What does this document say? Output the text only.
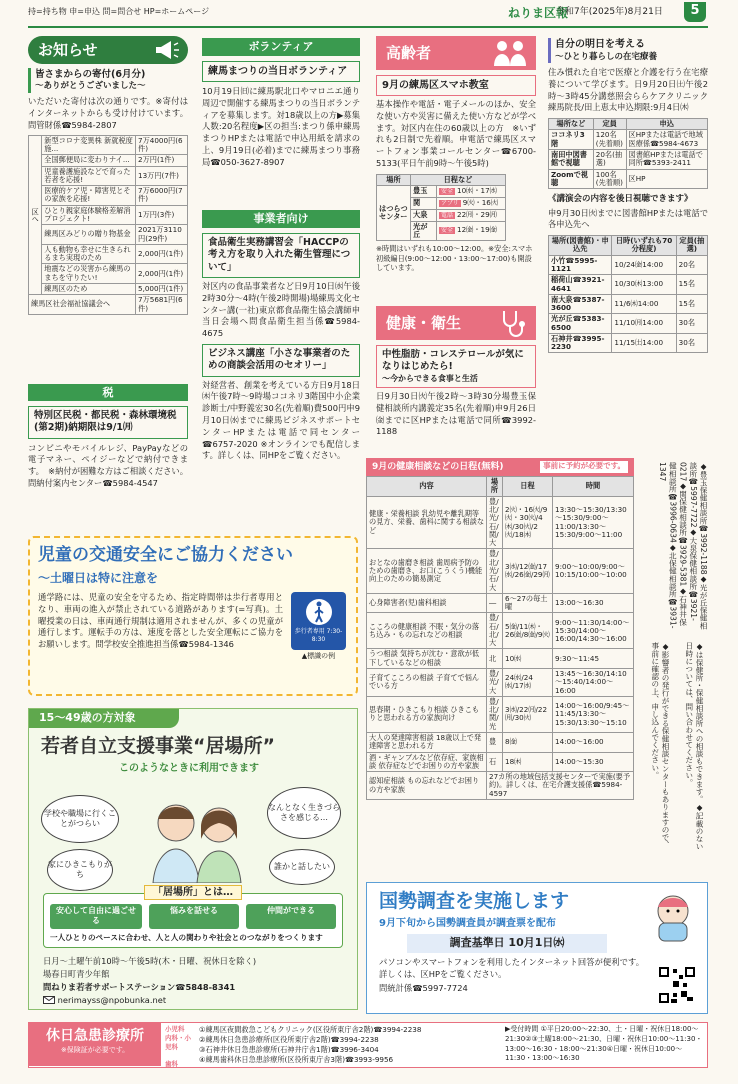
持=持ち物 申=申込 問=問合せ HP=ホームページ	ねりま区報
令和7年(2025年)8月21日	5
お知らせ
皆さまからの寄付(6月分)
～ありがとうございました～
いただいた寄付は次の通りです。※寄付はインターネットからも受け付けています。問管財係☎5984-2807
区へ	新型コロナ変異株 新就税度施...	7万4000円(6件)
	全国郵便局に変わりナイ...	2万円(1件)
	児童養護施設などで育った若者を応援!	13万円(7件)
	医療的ケア児・障害児とその家族を応援!	7万6000円(7件)
	ひとり親家庭体験格差解消プロジェクト!	1万円(3件)
	練馬区みどりの贈り物基金	2021万3110円(29件)
	人も動物も幸せに生きられるまち実現のため	2,000円(1件)
	地震などの災害から練馬のまちを守りたい!	2,000円(1件)
	練馬区のため	5,000円(1件)
練馬区社会福祉協議会へ		7万5681円(6件)
税
特別区民税・都民税・森林環境税(第2期)納期限は9/1㈪
コンビニやモバイルレジ、PayPayなどの電子マネー、ペイジーなどで納付できます。　※納付が困難な方はご相談ください。問納付案内センター☎5984-4547
ボランティア
練馬まつりの当日ボランティア
10月19日㈰に練馬駅北口やマロニエ通り周辺で開催する練馬まつりの当日ボランティアを募集します。対18歳以上の方▶募集人数:20名程度▶区の担当:まつり係申練馬まつりHPまたは電話で申込用紙を請求の上、9月19日(必着)までに練馬まつり事務局☎050-3627-8907
事業者向け
食品衛生実務講習会「HACCPの考え方を取り入れた衛生管理について」
対区内の食品事業者など日9月10日㈬午後2時30分～4時(午後2時開場)場練馬文化センター講(一社)東京都食品衛生協会講師申当日会場へ問食品衛生担当係☎5984-4675
ビジネス講座「小さな事業者のための商談会活用のセオリー」
対経営者、創業を考えている方日9月18日㈭午後7時～9時場ココネリ3階国中小企業診断士/中野義宏30名(先着順)費500円申9月10日㈬までに練馬ビジネスサポートセンターHPまたは電話で同センター☎6757-2020 ※オンラインでも配信します。詳しくは、同HPをご覧ください。
高齢者
9月の練馬区スマホ教室
基本操作や電話・電子メールのほか、安全な使い方や災害に備えた使い方などが学べます。対区内在住の60歳以上の方　※いずれも2日制で先着順。申電話で練馬区スマートフォン事業コールセンター☎6700-5133(平日午前9時～午後5時)
場所	日程など	
はつらつセンター	豊玉	安全 10㈬・17㈬
	関	アプリ 9㈫・16㈫
	大泉	電話 22㈪・29㈪
	光が丘	安全 12㈮・19㈮
※時間はいずれも10:00～12:00。※安全:スマホ初級編日(9:00～12:00・13:00～17:00)も開設しています。
健康・衛生
中性脂肪・コレステロールが気になりはじめたら!
～今からできる食事と生活
日9月30日㈫午後2時～3時30分場豊玉保健相談所内講義定35名(先着順)申9月26日㈮までに区HPまたは電話で同所☎3992-1188
自分の明日を考える
～ひとり暮らしの在宅療養
住み慣れた自宅で医療と介護を行う在宅療養について学びます。日9月20日㈯午後2時～3時45分講慈照会ららケアクリニック練馬院長/田上恵太申込期限:9月4日㈭
場所など	定員	申込
ココネリ3階	120名(先着順)	区HPまたは電話で地域医療係☎5984-4673
南田中図書館で視聴	20名(抽選)	図書館HPまたは電話で同所☎5393-2411
Zoomで視聴	100名(先着順)	区HP
《講演会の内容を後日視聴できます》
申9月30日㈫までに図書館HPまたは電話で各申込先へ
場所(図書館)・申込先	日時(いずれも70分程度)	定員(抽選)
小竹☎5995-1121	10/24㈮14:00	20名
稲荷山☎3921-4641	10/30㈭13:00	15名
南大泉☎5387-3600	11/6㈭14:00	15名
光が丘☎5383-6500	11/10㈪14:00	30名
石神井☎3995-2230	11/15㈯14:00	30名
9月の健康相談などの日程(無料)	事前に予約が必要です。
内容	場所	日程	時間
健康・栄養相談 乳幼児や離乳期等の見方、栄養、歯科に関する相談など	豊/北/光/石/関/大	2㈫・16㈫/9㈫・30㈫/4㈭/30㈫/2㈫/18㈭	13:30～15:30/13:30～15:30/9:00～11:00/13:30～15:30/9:00～11:00
おとなの歯磨き相談 歯周病予防のための歯磨き、お口(こうくう)機能向上のための簡易測定	豊/北/光/石/大	3㈬/12㈮/17㈬/26㈮/29㈪	9:00～10:00/9:00～10:15/10:00～10:00
心身障害者(児)歯科相談	―	6～27の毎土曜	13:00～16:30
こころの健康相談 不眠・気分の落ち込み・もの忘れなどの相談	豊/石/北/大	5㈮/11㈭・26㈮/8㈮/9㈫	9:00～11:30/14:00～15:30/14:00～16:00/14:30～16:00
うつ相談 気持ちが沈む・意欲が低下しているなどの相談	北	10㈬	9:30～11:45
子育てこころの相談 子育てで悩んでいる方	豊/光/大	24㈬/24㈬/17㈬	13:45～16:30/14:10～15:40/14:00～16:00
思春期・ひきこもり相談 ひきこもりと思われる方の家族向け	豊/北/関/光	3㈬/22㈪/22㈪/30㈫	14:00～16:00/9:45～11:45/13:30～15:30/13:30～15:10
大人の発達障害相談 18歳以上で発達障害と思われる方	豊	8㈮	14:00～16:00
酒・ギャンブルなど依存症、家族相談 依存症などでお困りの方や家族	石	18㈭	14:00～15:30
認知症相談 もの忘れなどでお困りの方や家族	27カ所の地域包括支援センターで実施(要予約)。詳しくは、在宅介護支援係☎5984-4597			◆は保健所・保健相談所への相談もできます。◆記載のない日時については、問い合わせてください。
◆影響者の発行ができる保健相談センターもありますので、事前に確認の上、申し込んでください。
◆豊玉保健相談所☎3992-1188◆光が丘保健相談所☎5997-7722◆大泉保健相談所☎3921-0217◆関保健相談所☎3929-5381◆石神井保健相談所☎3996-0634◆北保健相談所☎3931-1347
児童の交通安全にご協力ください
～土曜日は特に注意を
通学路には、児童の安全を守るため、指定時間帯は歩行者専用となり、車両の進入が禁止されている道路があります(=写真)。土曜授業の日は、車両通行規制は適用されませんが、多くの児童が通行します。運転手の方は、速度を落とした安全運転にご協力をお願いします。問学校安全推進担当係☎5984-1346
歩行者専用 7:30-8:30
▲標識の例
15～49歳の方対象
若者自立支援事業“居場所”
このようなときに利用できます
学校や職場に行くことがつらい
なんとなく生きづらさを感じる…
家にひきこもりがち
誰かと話したい
「居場所」とは…
安心して自由に過ごせる
悩みを話せる	仲間ができる
一人ひとりのペースに合わせ、人と人の関わりや社会とのつながりをつくります
日月～土曜午前10時～午後5時(木・日曜、祝休日を除く)
場春日町青少年館
問ねりま若者サポートステーション☎5848-8341
nerimayss@npobunka.net
国勢調査を実施します
9月下旬から国勢調査員が調査票を配布
調査基準日 10月1日㈬
パソコンやスマートフォンを利用したインターネット回答が便利です。詳しくは、区HPをご覧ください。
問統計係☎5997-7724
休日急患診療所
※保険証が必要です。
小児科
内科・小児科
歯科
①練馬区夜間救急こどもクリニック(区役所東庁舎2階)☎3994-2238
②練馬休日急患診療所(区役所東庁舎2階)☎3994-2238
③石神井休日急患診療所(石神井庁舎1階)☎3996-3404
④練馬歯科休日急患診療所(区役所東庁舎3階)☎3993-9956
▶受付時間 ①平日20:00～22:30、土・日曜・祝休日18:00～21:30②③土曜18:00～21:30、日曜・祝休日10:00～11:30・13:00～16:30・18:00～21:30④日曜・祝休日10:00～11:30・13:00～16:30
